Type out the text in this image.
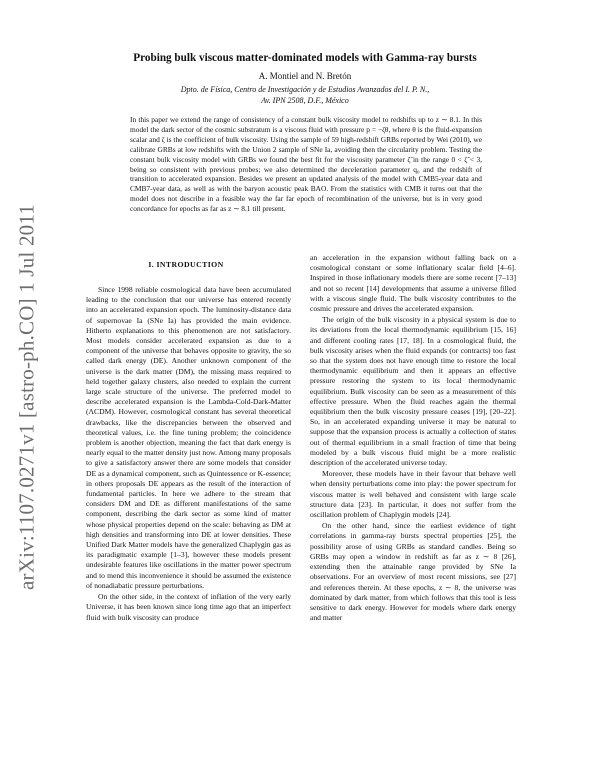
arXiv:1107.0271v1 [astro-ph.CO] 1 Jul 2011
Probing bulk viscous matter-dominated models with Gamma-ray bursts
A. Montiel and N. Bretón
Dpto. de Física, Centro de Investigación y de Estudios Avanzados del I. P. N.,
Av. IPN 2508, D.F., México
In this paper we extend the range of consistency of a constant bulk viscosity model to redshifts up to z ∼ 8.1. In this model the dark sector of the cosmic substratum is a viscous fluid with pressure p = −ζθ, where θ is the fluid-expansion scalar and ζ is the coefficient of bulk viscosity. Using the sample of 59 high-redshift GRBs reported by Wei (2010), we calibrate GRBs at low redshifts with the Union 2 sample of SNe Ia, avoiding then the circularity problem. Testing the constant bulk viscosity model with GRBs we found the best fit for the viscosity parameter ζ̃ in the range 0 < ζ̃ < 3, being so consistent with previous probes; we also determined the deceleration parameter q₀ and the redshift of transition to accelerated expansion. Besides we present an updated analysis of the model with CMB5-year data and CMB7-year data, as well as with the baryon acoustic peak BAO. From the statistics with CMB it turns out that the model does not describe in a feasible way the far far epoch of recombination of the universe, but is in very good concordance for epochs as far as z ∼ 8.1 till present.
I. INTRODUCTION

Since 1998 reliable cosmological data have been accumulated leading to the conclusion that our universe has entered recently into an accelerated expansion epoch. The luminosity-distance data of supernovae Ia (SNe Ia) has provided the main evidence. Hitherto explanations to this phenomenon are not satisfactory. Most models consider accelerated expansion as due to a component of the universe that behaves opposite to gravity, the so called dark energy (DE). Another unknown component of the universe is the dark matter (DM), the missing mass required to held together galaxy clusters, also needed to explain the current large scale structure of the universe. The preferred model to describe accelerated expansion is the Lambda-Cold-Dark-Matter (ΛCDM). However, cosmological constant has several theoretical drawbacks, like the discrepancies between the observed and theoretical values, i.e. the fine tuning problem; the coincidence problem is another objection, meaning the fact that dark energy is nearly equal to the matter density just now. Among many proposals to give a satisfactory answer there are some models that consider DE as a dynamical component, such as Quintessence or K-essence; in others proposals DE appears as the result of the interaction of fundamental particles. In here we adhere to the stream that considers DM and DE as different manifestations of the same component, describing the dark sector as some kind of matter whose physical properties depend on the scale: behaving as DM at high densities and transforming into DE at lower densities. These Unified Dark Matter models have the generalized Chaplygin gas as its paradigmatic example [1–3], however these models present undesirable features like oscillations in the matter power spectrum and to mend this inconvenience it should be assumed the existence of nonadiabatic pressure perturbations.

On the other side, in the context of inflation of the very early Universe, it has been known since long time ago that an imperfect fluid with bulk viscosity can produce

an acceleration in the expansion without falling back on a cosmological constant or some inflationary scalar field [4–6]. Inspired in those inflationary models there are some recent [7–13] and not so recent [14] developments that assume a universe filled with a viscous single fluid. The bulk viscosity contributes to the cosmic pressure and drives the accelerated expansion.

The origin of the bulk viscosity in a physical system is due to its deviations from the local thermodynamic equilibrium [15, 16] and different cooling rates [17, 18]. In a cosmological fluid, the bulk viscosity arises when the fluid expands (or contracts) too fast so that the system does not have enough time to restore the local thermodynamic equilibrium and then it appears an effective pressure restoring the system to its local thermodynamic equilibrium. Bulk viscosity can be seen as a measurement of this effective pressure. When the fluid reaches again the thermal equilibrium then the bulk viscosity pressure ceases [19], [20–22]. So, in an accelerated expanding universe it may be natural to suppose that the expansion process is actually a collection of states out of thermal equilibrium in a small fraction of time that being modeled by a bulk viscous fluid might be a more realistic description of the accelerated universe today.

Moreover, these models have in their favour that behave well when density perturbations come into play: the power spectrum for viscous matter is well behaved and consistent with large scale structure data [23]. In particular, it does not suffer from the oscillation problem of Chaplygin models [24].

On the other hand, since the earliest evidence of tight correlations in gamma-ray bursts spectral properties [25], the possibility arose of using GRBs as standard candles. Being so GRBs may open a window in redshift as far as z ∼ 8 [26], extending then the attainable range provided by SNe Ia observations. For an overview of most recent missions, see [27] and references therein. At these epochs, z ∼ 8, the universe was dominated by dark matter, from which follows that this tool is less sensitive to dark energy. However for models where dark energy and matter
